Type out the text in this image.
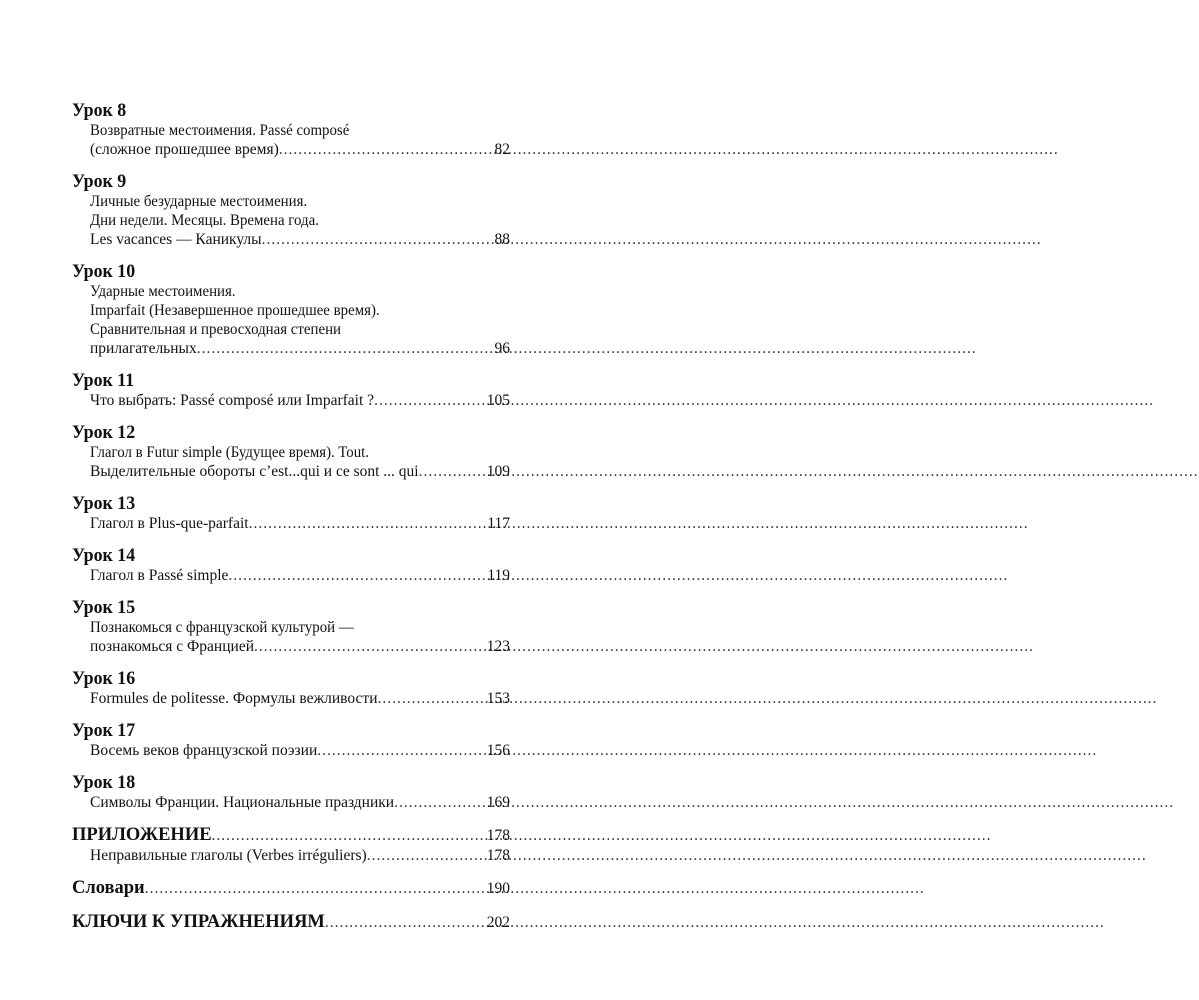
Урок 8
Возвратные местоимения. Passé composé
(сложное прошедшее время) .....	82
Урок 9
Личные безударные местоимения.
Дни недели. Месяцы. Времена года.
Les vacances — Каникулы .....	88
Урок 10
Ударные местоимения.
Imparfait (Незавершенное прошедшее время).
Сравнительная и превосходная степени
прилагательных .....	96
Урок 11
Что выбрать: Passé composé или Imparfait ? .....	105
Урок 12
Глагол в Futur simple (Будущее время). Tout.
Выделительные обороты c’est...qui и ce sont ... qui .....	109
Урок 13
Глагол в Plus-que-parfait .....	117
Урок 14
Глагол в Passé simple .....	119
Урок 15
Познакомься с французской культурой —
познакомься с Францией .....	123
Урок 16
Formules de politesse. Формулы вежливости .....	153
Урок 17
Восемь веков французской поэзии .....	156
Урок 18
Символы Франции. Национальные праздники .....	169
ПРИЛОЖЕНИЕ .....	178
Неправильные глаголы (Verbes irréguliers) .....	178
Словари .....	190
КЛЮЧИ К УПРАЖНЕНИЯМ .....	202
